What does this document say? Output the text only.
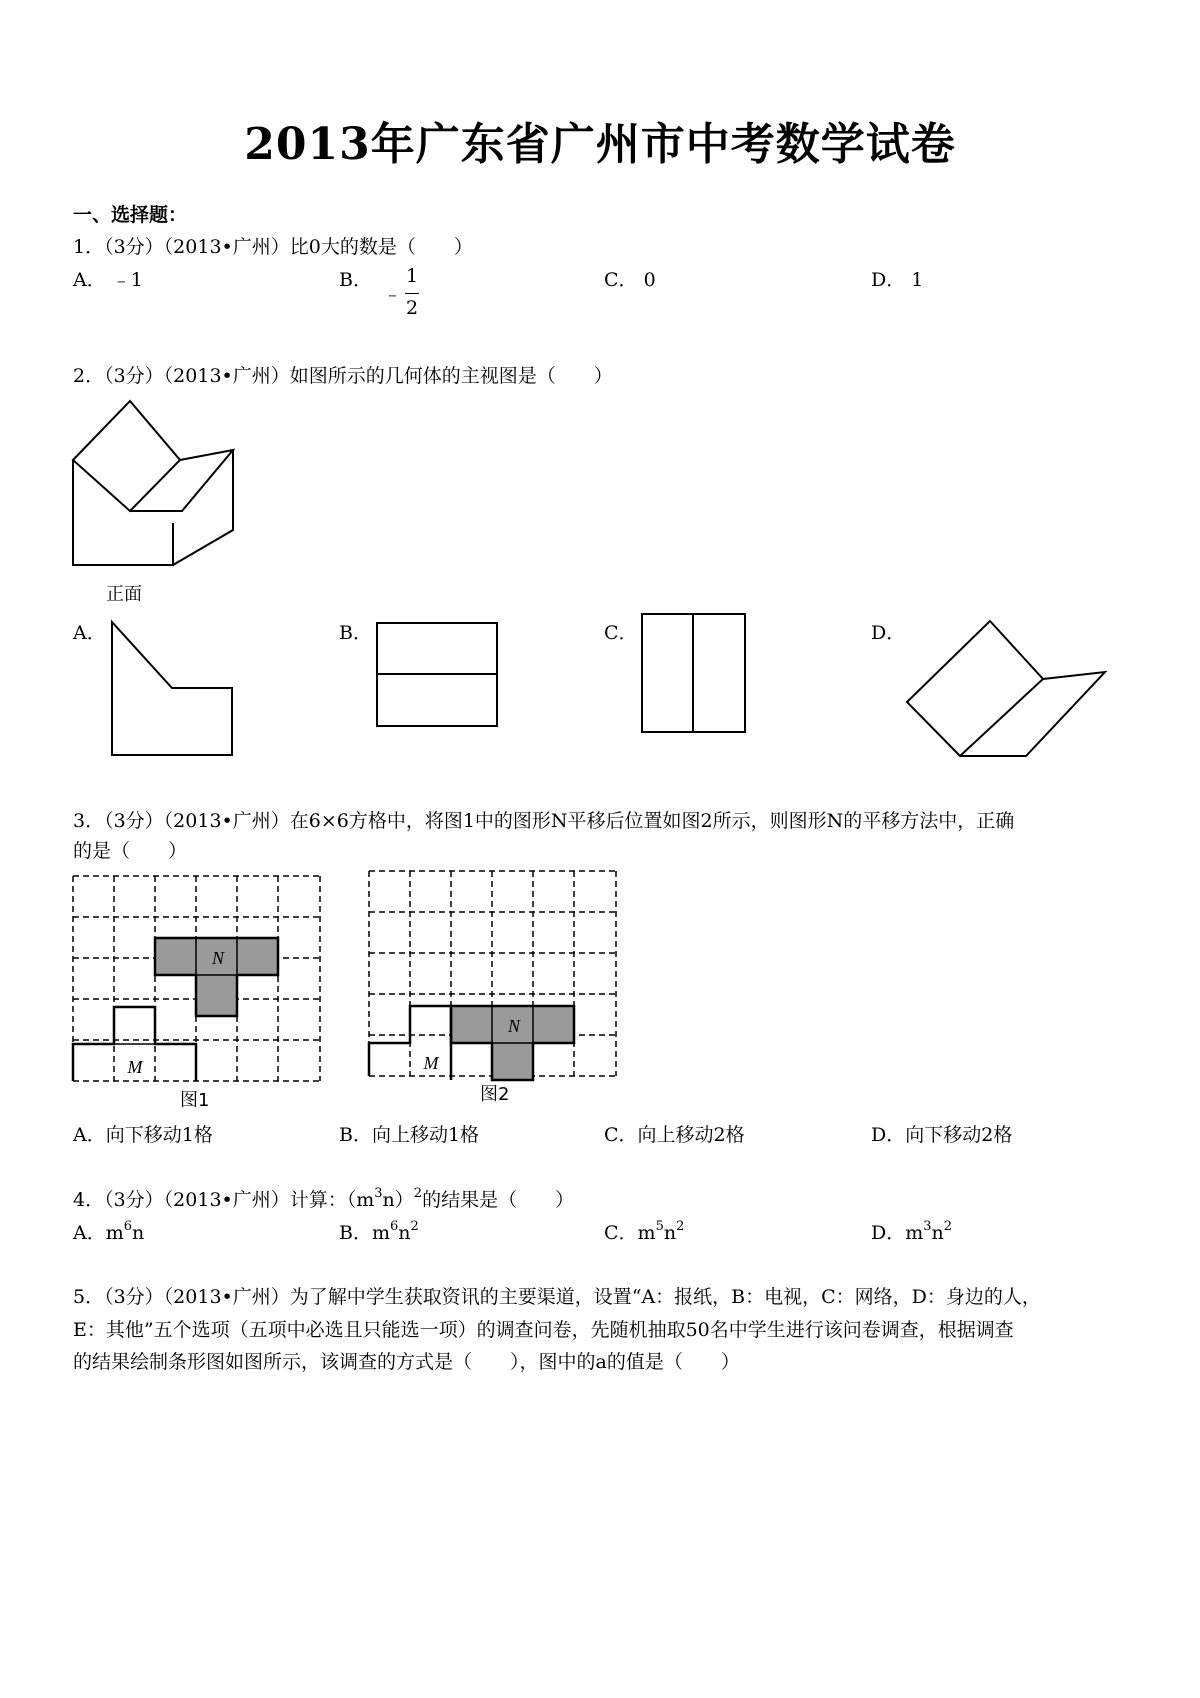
2013年广东省广州市中考数学试卷
一、选择题：
1．（3分）（2013•广州）比0大的数是（　　）
A． ﹣1	B．
﹣
1
2
C． 0	D． 1
2．（3分）（2013•广州）如图所示的几何体的主视图是（　　）
正面
A．	B．	C．	D．
3．（3分）（2013•广州）在6×6方格中，将图1中的图形N平移后位置如图2所示，则图形N的平移方法中，正确
的是（　　）
N
M
图1
N
M
图2
A．向下移动1格	B．向上移动1格	C．向上移动2格	D．向下移动2格
4．（3分）（2013•广州）计算：$(m^3n)^2$的结果是（　　）
A．$m^6n$	B．$m^6n^2$	C．$m^5n^2$	D．$m^3n^2$
5．（3分）（2013•广州）为了解中学生获取资讯的主要渠道，设置“A：报纸，B：电视，C：网络，D：身边的人，
E：其他”五个选项（五项中必选且只能选一项）的调查问卷，先随机抽取50名中学生进行该问卷调查，根据调查
的结果绘制条形图如图所示，该调查的方式是（　　），图中的a的值是（　　）
